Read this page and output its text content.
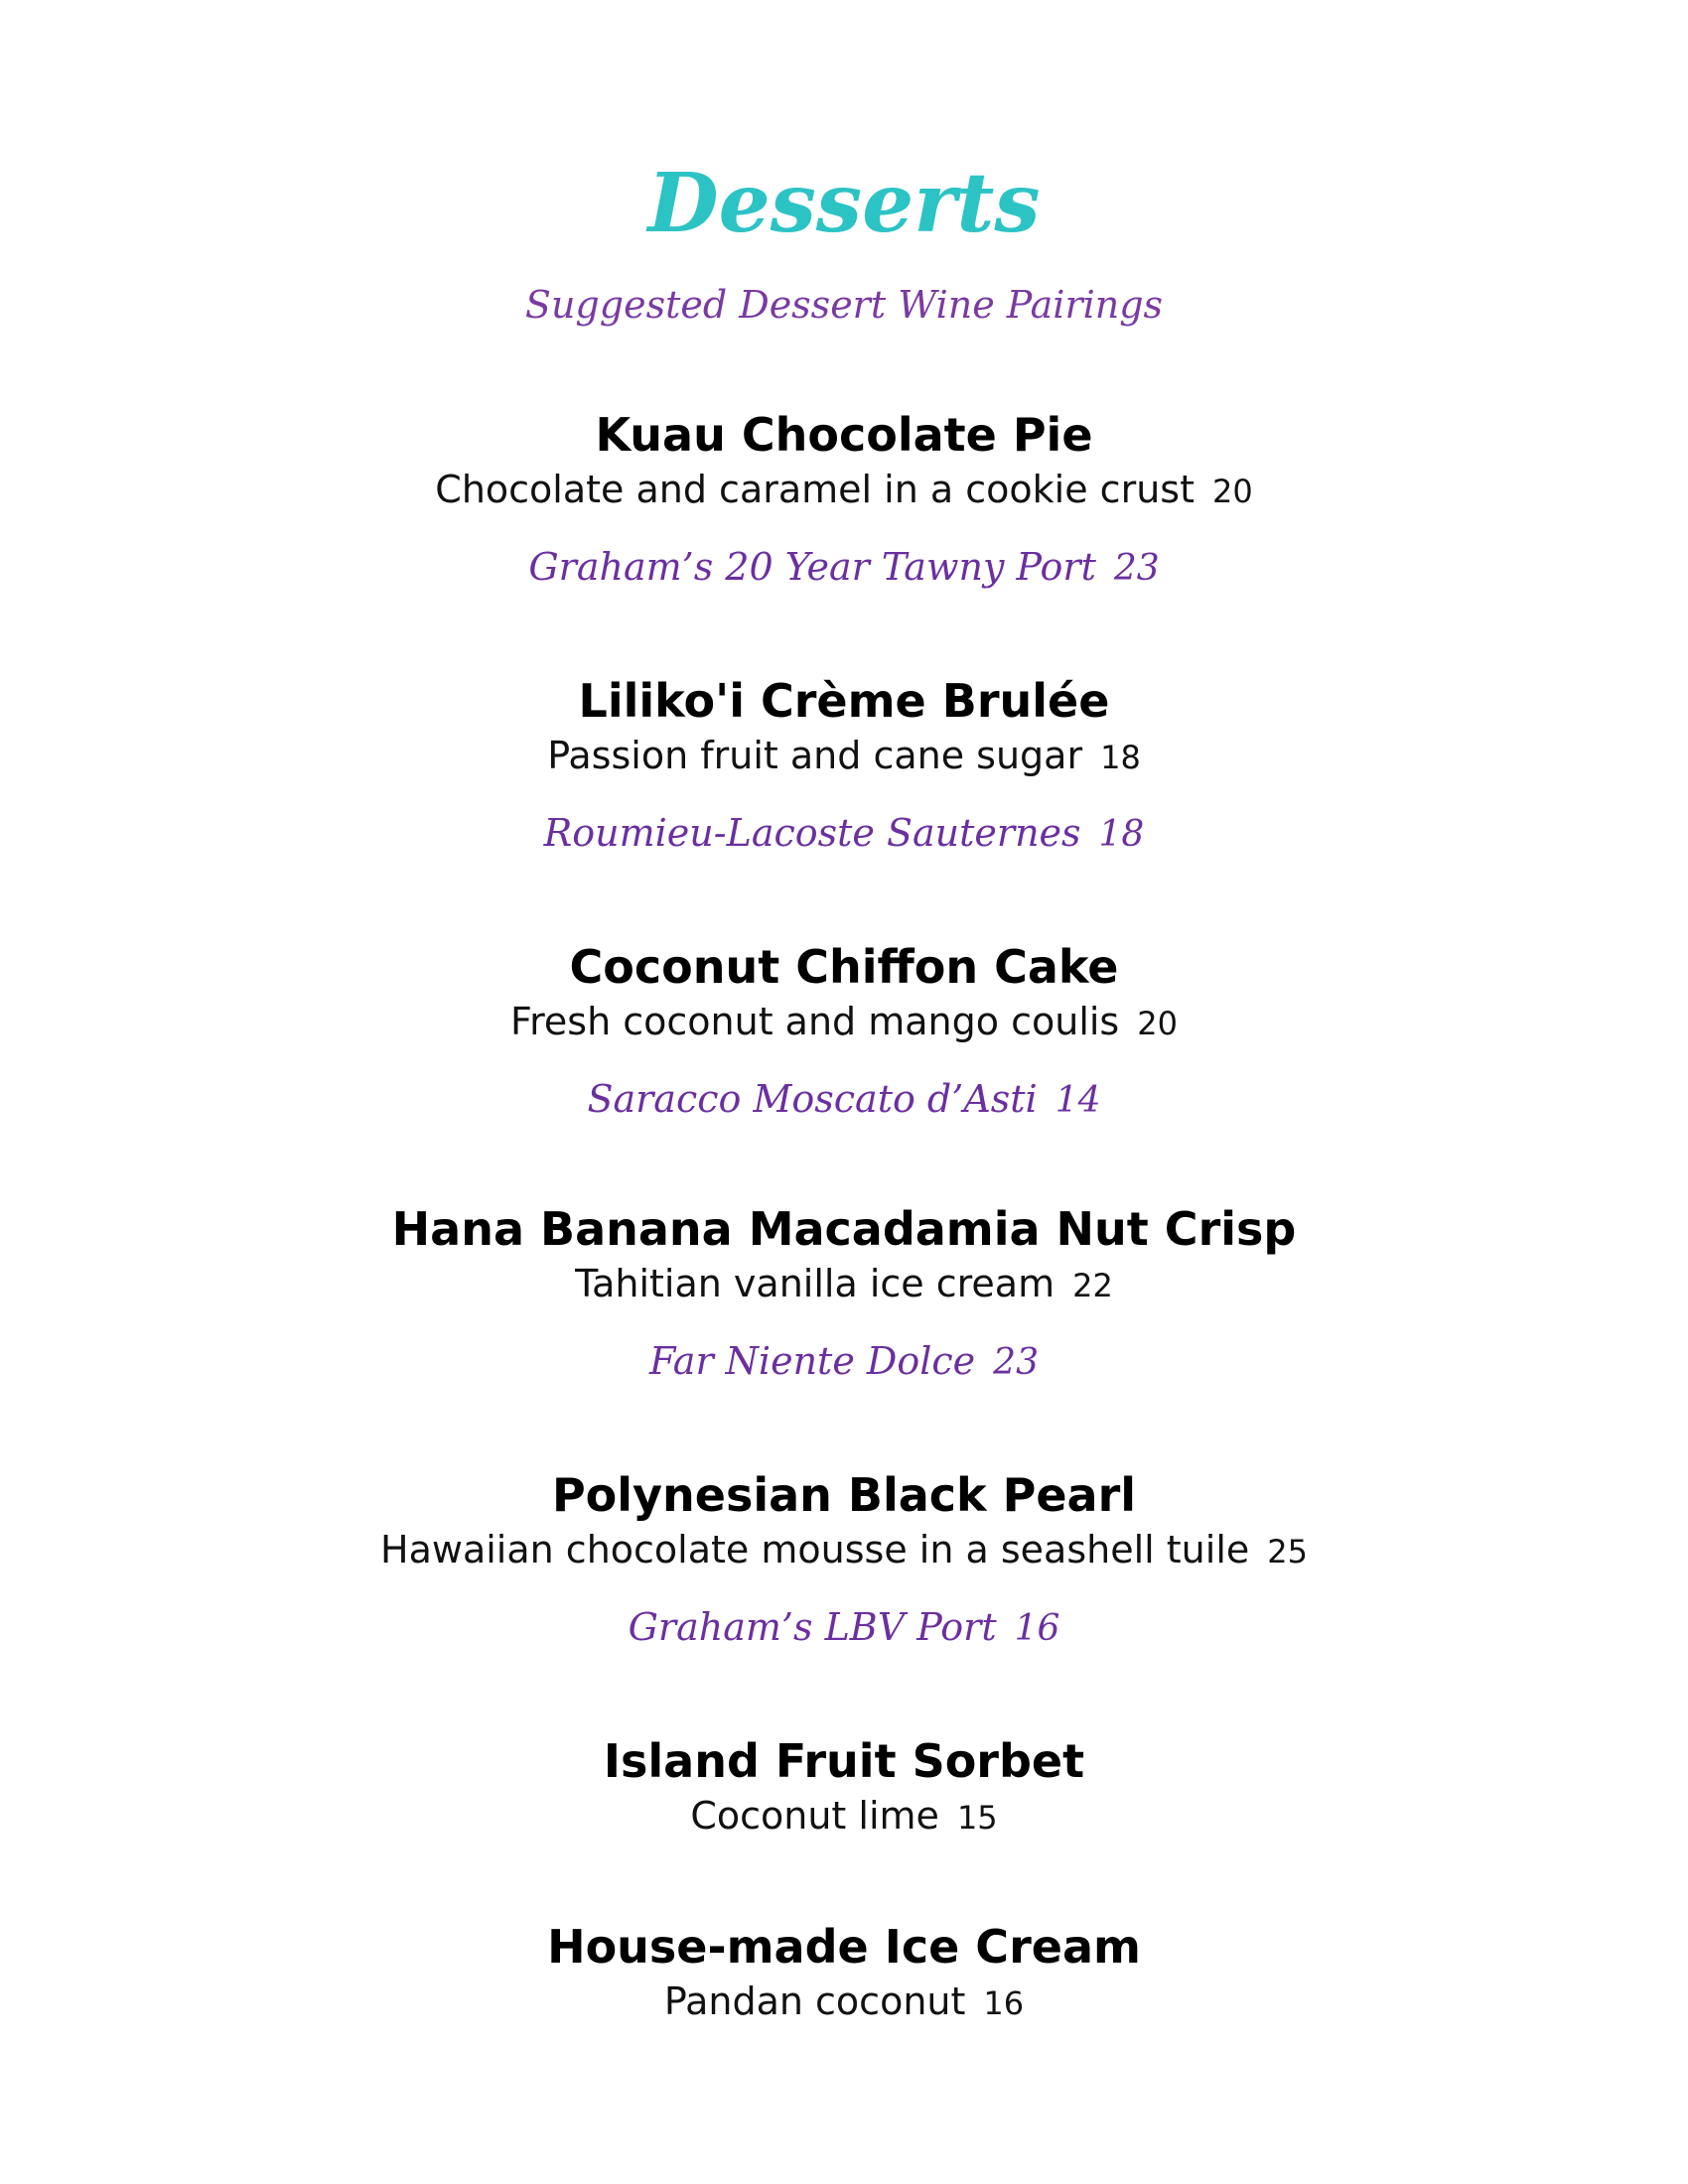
Desserts

Suggested Dessert Wine Pairings

Kuau Chocolate Pie
Chocolate and caramel in a cookie crust 20
Graham’s 20 Year Tawny Port 23
Liliko'i Crème Brulée
Passion fruit and cane sugar 18
Roumieu-Lacoste Sauternes 18
Coconut Chiffon Cake
Fresh coconut and mango coulis 20
Saracco Moscato d’Asti 14
Hana Banana Macadamia Nut Crisp
Tahitian vanilla ice cream 22
Far Niente Dolce 23
Polynesian Black Pearl
Hawaiian chocolate mousse in a seashell tuile 25
Graham’s LBV Port 16
Island Fruit Sorbet
Coconut lime 15
House-made Ice Cream
Pandan coconut 16
